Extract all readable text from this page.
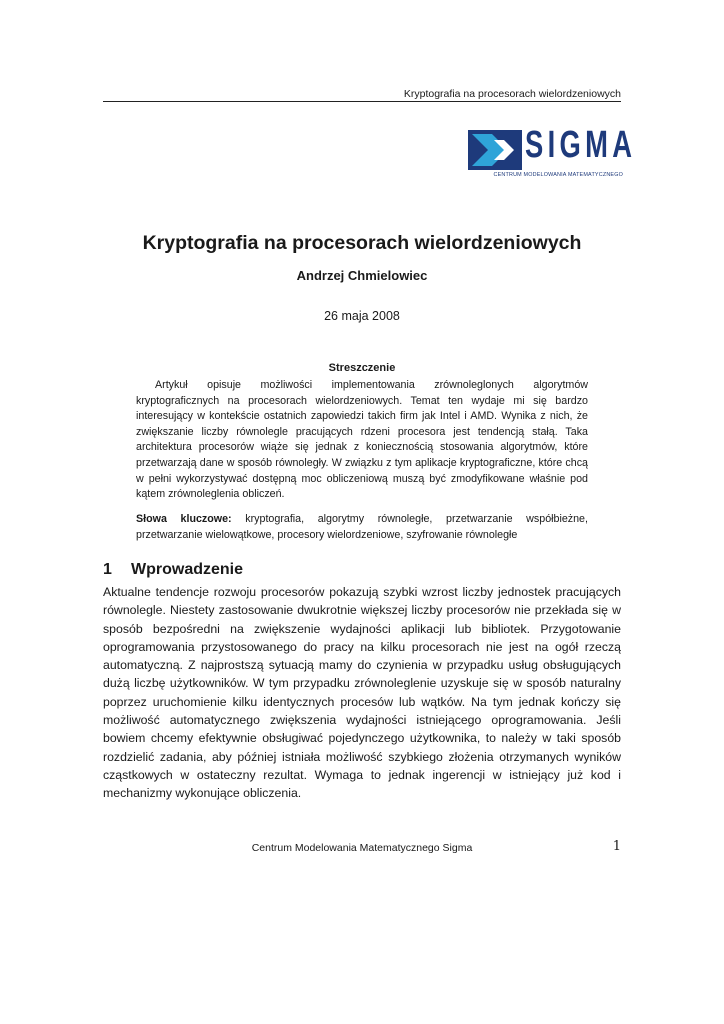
Kryptografia na procesorach wielordzeniowych
SIGMA
CENTRUM MODELOWANIA MATEMATYCZNEGO
Kryptografia na procesorach wielordzeniowych
Andrzej Chmielowiec
26 maja 2008
Streszczenie

Artykuł opisuje możliwości implementowania zrównoleglonych algorytmów kryptograficznych na procesorach wielordzeniowych. Temat ten wydaje mi się bardzo interesujący w kontekście ostatnich zapowiedzi takich firm jak Intel i AMD. Wynika z nich, że zwiększanie liczby równolegle pracujących rdzeni procesora jest tendencją stałą. Taka architektura procesorów wiąże się jednak z koniecznością stosowania algorytmów, które przetwarzają dane w sposób równoległy. W związku z tym aplikacje kryptograficzne, które chcą w pełni wykorzystywać dostępną moc obliczeniową muszą być zmodyfikowane właśnie pod kątem zrównoleglenia obliczeń.

Słowa kluczowe: kryptografia, algorytmy równoległe, przetwarzanie współbieżne, przetwarzanie wielowątkowe, procesory wielordzeniowe, szyfrowanie równoległe

1 Wprowadzenie

Aktualne tendencje rozwoju procesorów pokazują szybki wzrost liczby jednostek pracujących równolegle. Niestety zastosowanie dwukrotnie większej liczby procesorów nie przekłada się w sposób bezpośredni na zwiększenie wydajności aplikacji lub bibliotek. Przygotowanie oprogramowania przystosowanego do pracy na kilku procesorach nie jest na ogół rzeczą automatyczną. Z najprostszą sytuacją mamy do czynienia w przypadku usług obsługujących dużą liczbę użytkowników. W tym przypadku zrównoleglenie uzyskuje się w sposób naturalny poprzez uruchomienie kilku identycznych procesów lub wątków. Na tym jednak kończy się możliwość automatycznego zwiększenia wydajności istniejącego oprogramowania. Jeśli bowiem chcemy efektywnie obsługiwać pojedynczego użytkownika, to należy w taki sposób rozdzielić zadania, aby później istniała możliwość szybkiego złożenia otrzymanych wyników cząstkowych w ostateczny rezultat. Wymaga to jednak ingerencji w istniejący już kod i mechanizmy wykonujące obliczenia.

Centrum Modelowania Matematycznego Sigma	1
